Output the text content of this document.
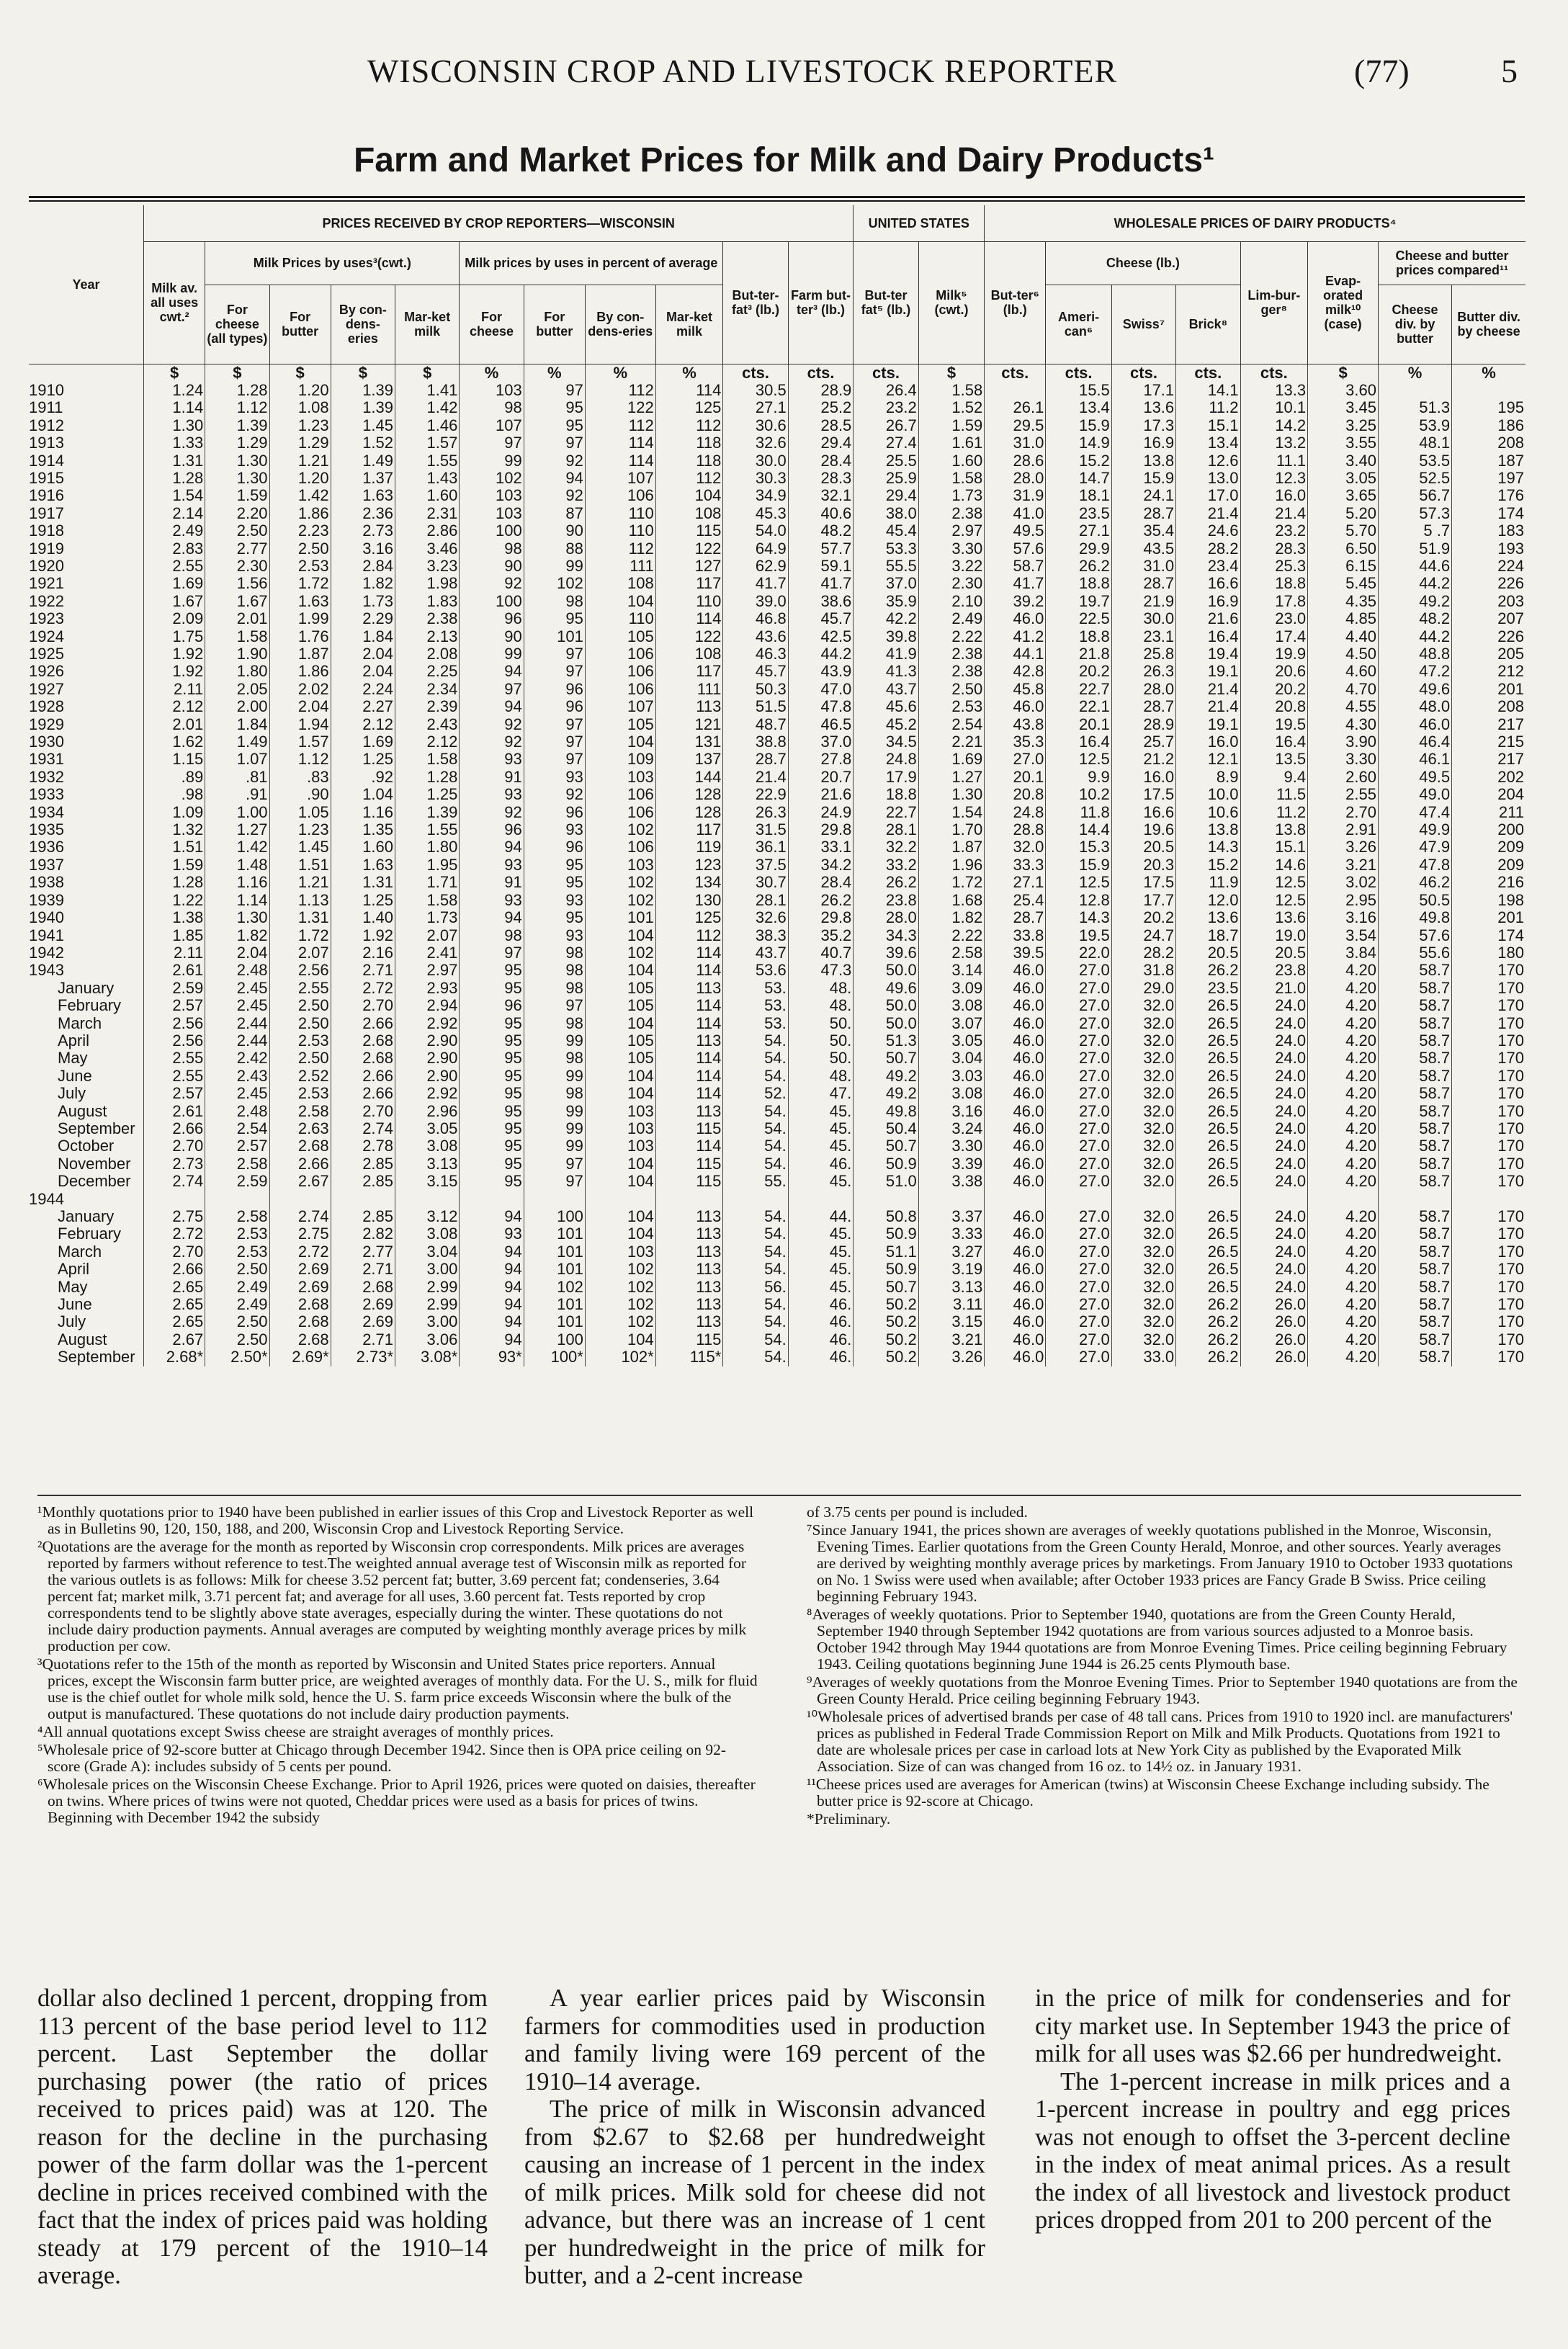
WISCONSIN CROP AND LIVESTOCK REPORTER	(77)	5
Farm and Market Prices for Milk and Dairy Products¹
Year	PRICES RECEIVED BY CROP REPORTERS—WISCONSIN											UNITED STATES		WHOLESALE PRICES OF DAIRY PRODUCTS⁴							
	Milk av. all uses cwt.²	Milk Prices by uses³(cwt.)				Milk prices by uses in percent of average				But-ter-fat³ (lb.)	Farm but-ter³ (lb.)	But-ter fat⁵ (lb.)	Milk⁵ (cwt.)	But-ter⁶ (lb.)	Cheese (lb.)			Lim-bur-ger⁸	Evap-orated milk¹⁰ (case)	Cheese and butter prices compared¹¹	
		For cheese (all types)	For butter	By con-dens-eries	Mar-ket milk	For cheese	For butter	By con-dens-eries	Mar-ket milk						Ameri-can⁶	Swiss⁷	Brick⁸			Cheese div. by butter	Butter div. by cheese
	$	$	$	$	$	%	%	%	%	cts.	cts.	cts.	$	cts.	cts.	cts.	cts.	cts.	$	%	%
1910	1.24	1.28	1.20	1.39	1.41	103	97	112	114	30.5	28.9	26.4	1.58		15.5	17.1	14.1	13.3	3.60		
1911	1.14	1.12	1.08	1.39	1.42	98	95	122	125	27.1	25.2	23.2	1.52	26.1	13.4	13.6	11.2	10.1	3.45	51.3	195
1912	1.30	1.39	1.23	1.45	1.46	107	95	112	112	30.6	28.5	26.7	1.59	29.5	15.9	17.3	15.1	14.2	3.25	53.9	186
1913	1.33	1.29	1.29	1.52	1.57	97	97	114	118	32.6	29.4	27.4	1.61	31.0	14.9	16.9	13.4	13.2	3.55	48.1	208
1914	1.31	1.30	1.21	1.49	1.55	99	92	114	118	30.0	28.4	25.5	1.60	28.6	15.2	13.8	12.6	11.1	3.40	53.5	187
1915	1.28	1.30	1.20	1.37	1.43	102	94	107	112	30.3	28.3	25.9	1.58	28.0	14.7	15.9	13.0	12.3	3.05	52.5	197
1916	1.54	1.59	1.42	1.63	1.60	103	92	106	104	34.9	32.1	29.4	1.73	31.9	18.1	24.1	17.0	16.0	3.65	56.7	176
1917	2.14	2.20	1.86	2.36	2.31	103	87	110	108	45.3	40.6	38.0	2.38	41.0	23.5	28.7	21.4	21.4	5.20	57.3	174
1918	2.49	2.50	2.23	2.73	2.86	100	90	110	115	54.0	48.2	45.4	2.97	49.5	27.1	35.4	24.6	23.2	5.70	5 .7	183
1919	2.83	2.77	2.50	3.16	3.46	98	88	112	122	64.9	57.7	53.3	3.30	57.6	29.9	43.5	28.2	28.3	6.50	51.9	193
1920	2.55	2.30	2.53	2.84	3.23	90	99	111	127	62.9	59.1	55.5	3.22	58.7	26.2	31.0	23.4	25.3	6.15	44.6	224
1921	1.69	1.56	1.72	1.82	1.98	92	102	108	117	41.7	41.7	37.0	2.30	41.7	18.8	28.7	16.6	18.8	5.45	44.2	226
1922	1.67	1.67	1.63	1.73	1.83	100	98	104	110	39.0	38.6	35.9	2.10	39.2	19.7	21.9	16.9	17.8	4.35	49.2	203
1923	2.09	2.01	1.99	2.29	2.38	96	95	110	114	46.8	45.7	42.2	2.49	46.0	22.5	30.0	21.6	23.0	4.85	48.2	207
1924	1.75	1.58	1.76	1.84	2.13	90	101	105	122	43.6	42.5	39.8	2.22	41.2	18.8	23.1	16.4	17.4	4.40	44.2	226
1925	1.92	1.90	1.87	2.04	2.08	99	97	106	108	46.3	44.2	41.9	2.38	44.1	21.8	25.8	19.4	19.9	4.50	48.8	205
1926	1.92	1.80	1.86	2.04	2.25	94	97	106	117	45.7	43.9	41.3	2.38	42.8	20.2	26.3	19.1	20.6	4.60	47.2	212
1927	2.11	2.05	2.02	2.24	2.34	97	96	106	111	50.3	47.0	43.7	2.50	45.8	22.7	28.0	21.4	20.2	4.70	49.6	201
1928	2.12	2.00	2.04	2.27	2.39	94	96	107	113	51.5	47.8	45.6	2.53	46.0	22.1	28.7	21.4	20.8	4.55	48.0	208
1929	2.01	1.84	1.94	2.12	2.43	92	97	105	121	48.7	46.5	45.2	2.54	43.8	20.1	28.9	19.1	19.5	4.30	46.0	217
1930	1.62	1.49	1.57	1.69	2.12	92	97	104	131	38.8	37.0	34.5	2.21	35.3	16.4	25.7	16.0	16.4	3.90	46.4	215
1931	1.15	1.07	1.12	1.25	1.58	93	97	109	137	28.7	27.8	24.8	1.69	27.0	12.5	21.2	12.1	13.5	3.30	46.1	217
1932	.89	.81	.83	.92	1.28	91	93	103	144	21.4	20.7	17.9	1.27	20.1	9.9	16.0	8.9	9.4	2.60	49.5	202
1933	.98	.91	.90	1.04	1.25	93	92	106	128	22.9	21.6	18.8	1.30	20.8	10.2	17.5	10.0	11.5	2.55	49.0	204
1934	1.09	1.00	1.05	1.16	1.39	92	96	106	128	26.3	24.9	22.7	1.54	24.8	11.8	16.6	10.6	11.2	2.70	47.4	211
1935	1.32	1.27	1.23	1.35	1.55	96	93	102	117	31.5	29.8	28.1	1.70	28.8	14.4	19.6	13.8	13.8	2.91	49.9	200
1936	1.51	1.42	1.45	1.60	1.80	94	96	106	119	36.1	33.1	32.2	1.87	32.0	15.3	20.5	14.3	15.1	3.26	47.9	209
1937	1.59	1.48	1.51	1.63	1.95	93	95	103	123	37.5	34.2	33.2	1.96	33.3	15.9	20.3	15.2	14.6	3.21	47.8	209
1938	1.28	1.16	1.21	1.31	1.71	91	95	102	134	30.7	28.4	26.2	1.72	27.1	12.5	17.5	11.9	12.5	3.02	46.2	216
1939	1.22	1.14	1.13	1.25	1.58	93	93	102	130	28.1	26.2	23.8	1.68	25.4	12.8	17.7	12.0	12.5	2.95	50.5	198
1940	1.38	1.30	1.31	1.40	1.73	94	95	101	125	32.6	29.8	28.0	1.82	28.7	14.3	20.2	13.6	13.6	3.16	49.8	201
1941	1.85	1.82	1.72	1.92	2.07	98	93	104	112	38.3	35.2	34.3	2.22	33.8	19.5	24.7	18.7	19.0	3.54	57.6	174
1942	2.11	2.04	2.07	2.16	2.41	97	98	102	114	43.7	40.7	39.6	2.58	39.5	22.0	28.2	20.5	20.5	3.84	55.6	180
1943	2.61	2.48	2.56	2.71	2.97	95	98	104	114	53.6	47.3	50.0	3.14	46.0	27.0	31.8	26.2	23.8	4.20	58.7	170
January	2.59	2.45	2.55	2.72	2.93	95	98	105	113	53.	48.	49.6	3.09	46.0	27.0	29.0	23.5	21.0	4.20	58.7	170
February	2.57	2.45	2.50	2.70	2.94	96	97	105	114	53.	48.	50.0	3.08	46.0	27.0	32.0	26.5	24.0	4.20	58.7	170
March	2.56	2.44	2.50	2.66	2.92	95	98	104	114	53.	50.	50.0	3.07	46.0	27.0	32.0	26.5	24.0	4.20	58.7	170
April	2.56	2.44	2.53	2.68	2.90	95	99	105	113	54.	50.	51.3	3.05	46.0	27.0	32.0	26.5	24.0	4.20	58.7	170
May	2.55	2.42	2.50	2.68	2.90	95	98	105	114	54.	50.	50.7	3.04	46.0	27.0	32.0	26.5	24.0	4.20	58.7	170
June	2.55	2.43	2.52	2.66	2.90	95	99	104	114	54.	48.	49.2	3.03	46.0	27.0	32.0	26.5	24.0	4.20	58.7	170
July	2.57	2.45	2.53	2.66	2.92	95	98	104	114	52.	47.	49.2	3.08	46.0	27.0	32.0	26.5	24.0	4.20	58.7	170
August	2.61	2.48	2.58	2.70	2.96	95	99	103	113	54.	45.	49.8	3.16	46.0	27.0	32.0	26.5	24.0	4.20	58.7	170
September	2.66	2.54	2.63	2.74	3.05	95	99	103	115	54.	45.	50.4	3.24	46.0	27.0	32.0	26.5	24.0	4.20	58.7	170
October	2.70	2.57	2.68	2.78	3.08	95	99	103	114	54.	45.	50.7	3.30	46.0	27.0	32.0	26.5	24.0	4.20	58.7	170
November	2.73	2.58	2.66	2.85	3.13	95	97	104	115	54.	46.	50.9	3.39	46.0	27.0	32.0	26.5	24.0	4.20	58.7	170
December	2.74	2.59	2.67	2.85	3.15	95	97	104	115	55.	45.	51.0	3.38	46.0	27.0	32.0	26.5	24.0	4.20	58.7	170
1944																					
January	2.75	2.58	2.74	2.85	3.12	94	100	104	113	54.	44.	50.8	3.37	46.0	27.0	32.0	26.5	24.0	4.20	58.7	170
February	2.72	2.53	2.75	2.82	3.08	93	101	104	113	54.	45.	50.9	3.33	46.0	27.0	32.0	26.5	24.0	4.20	58.7	170
March	2.70	2.53	2.72	2.77	3.04	94	101	103	113	54.	45.	51.1	3.27	46.0	27.0	32.0	26.5	24.0	4.20	58.7	170
April	2.66	2.50	2.69	2.71	3.00	94	101	102	113	54.	45.	50.9	3.19	46.0	27.0	32.0	26.5	24.0	4.20	58.7	170
May	2.65	2.49	2.69	2.68	2.99	94	102	102	113	56.	45.	50.7	3.13	46.0	27.0	32.0	26.5	24.0	4.20	58.7	170
June	2.65	2.49	2.68	2.69	2.99	94	101	102	113	54.	46.	50.2	3.11	46.0	27.0	32.0	26.2	26.0	4.20	58.7	170
July	2.65	2.50	2.68	2.69	3.00	94	101	102	113	54.	46.	50.2	3.15	46.0	27.0	32.0	26.2	26.0	4.20	58.7	170
August	2.67	2.50	2.68	2.71	3.06	94	100	104	115	54.	46.	50.2	3.21	46.0	27.0	32.0	26.2	26.0	4.20	58.7	170
September	2.68*	2.50*	2.69*	2.73*	3.08*	93*	100*	102*	115*	54.	46.	50.2	3.26	46.0	27.0	33.0	26.2	26.0	4.20	58.7	170

¹Monthly quotations prior to 1940 have been published in earlier issues of this Crop and Livestock Reporter as well as in Bulletins 90, 120, 150, 188, and 200, Wisconsin Crop and Livestock Reporting Service.

²Quotations are the average for the month as reported by Wisconsin crop correspondents. Milk prices are averages reported by farmers without reference to test.The weighted annual average test of Wisconsin milk as reported for the various outlets is as follows: Milk for cheese 3.52 percent fat; butter, 3.69 percent fat; condenseries, 3.64 percent fat; market milk, 3.71 percent fat; and average for all uses, 3.60 percent fat. Tests reported by crop correspondents tend to be slightly above state averages, especially during the winter. These quotations do not include dairy production payments. Annual averages are computed by weighting monthly average prices by milk production per cow.

³Quotations refer to the 15th of the month as reported by Wisconsin and United States price reporters. Annual prices, except the Wisconsin farm butter price, are weighted averages of monthly data. For the U. S., milk for fluid use is the chief outlet for whole milk sold, hence the U. S. farm price exceeds Wisconsin where the bulk of the output is manufactured. These quotations do not include dairy production payments.

⁴All annual quotations except Swiss cheese are straight averages of monthly prices.

⁵Wholesale price of 92-score butter at Chicago through December 1942. Since then is OPA price ceiling on 92-score (Grade A): includes subsidy of 5 cents per pound.

⁶Wholesale prices on the Wisconsin Cheese Exchange. Prior to April 1926, prices were quoted on daisies, thereafter on twins. Where prices of twins were not quoted, Cheddar prices were used as a basis for prices of twins. Beginning with December 1942 the subsidy

of 3.75 cents per pound is included.

⁷Since January 1941, the prices shown are averages of weekly quotations published in the Monroe, Wisconsin, Evening Times. Earlier quotations from the Green County Herald, Monroe, and other sources. Yearly averages are derived by weighting monthly average prices by marketings. From January 1910 to October 1933 quotations on No. 1 Swiss were used when available; after October 1933 prices are Fancy Grade B Swiss. Price ceiling beginning February 1943.

⁸Averages of weekly quotations. Prior to September 1940, quotations are from the Green County Herald, September 1940 through September 1942 quotations are from various sources adjusted to a Monroe basis. October 1942 through May 1944 quotations are from Monroe Evening Times. Price ceiling beginning February 1943. Ceiling quotations beginning June 1944 is 26.25 cents Plymouth base.

⁹Averages of weekly quotations from the Monroe Evening Times. Prior to September 1940 quotations are from the Green County Herald. Price ceiling beginning February 1943.

¹⁰Wholesale prices of advertised brands per case of 48 tall cans. Prices from 1910 to 1920 incl. are manufacturers' prices as published in Federal Trade Commission Report on Milk and Milk Products. Quotations from 1921 to date are wholesale prices per case in carload lots at New York City as published by the Evaporated Milk Association. Size of can was changed from 16 oz. to 14½ oz. in January 1931.

¹¹Cheese prices used are averages for American (twins) at Wisconsin Cheese Exchange including subsidy. The butter price is 92-score at Chicago.

*Preliminary.

dollar also declined 1 percent, dropping from 113 percent of the base period level to 112 percent. Last September the dollar purchasing power (the ratio of prices received to prices paid) was at 120. The reason for the decline in the purchasing power of the farm dollar was the 1-percent decline in prices received combined with the fact that the index of prices paid was holding steady at 179 percent of the 1910–14 average.

A year earlier prices paid by Wisconsin farmers for commodities used in production and family living were 169 percent of the 1910–14 average.

The price of milk in Wisconsin advanced from $2.67 to $2.68 per hundredweight causing an increase of 1 percent in the index of milk prices. Milk sold for cheese did not advance, but there was an increase of 1 cent per hundredweight in the price of milk for butter, and a 2-cent increase

in the price of milk for condenseries and for city market use. In September 1943 the price of milk for all uses was $2.66 per hundredweight.

The 1-percent increase in milk prices and a 1-percent increase in poultry and egg prices was not enough to offset the 3-percent decline in the index of meat animal prices. As a result the index of all livestock and livestock product prices dropped from 201 to 200 percent of the
